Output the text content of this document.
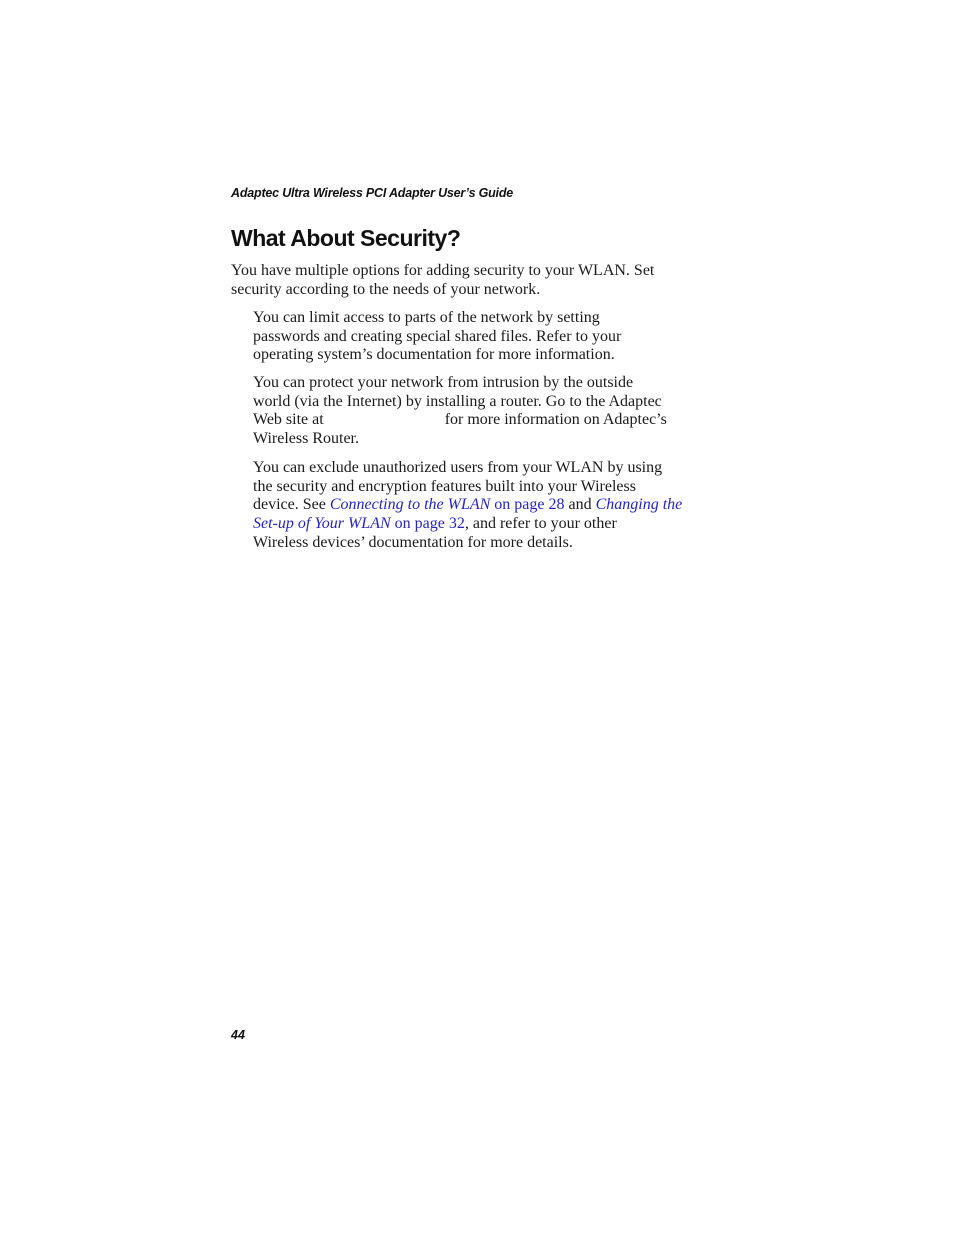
Adaptec Ultra Wireless PCI Adapter User’s Guide
What About Security?

You have multiple options for adding security to your WLAN. Set
security according to the needs of your network.

You can limit access to parts of the network by setting
passwords and creating special shared files. Refer to your
operating system’s documentation for more information.

You can protect your network from intrusion by the outside
world (via the Internet) by installing a router. Go to the Adaptec
Web site at	for more information on Adaptec’s
Wireless Router.

You can exclude unauthorized users from your WLAN by using
the security and encryption features built into your Wireless
device. See Connecting to the WLAN on page 28 and Changing the
Set-up of Your WLAN on page 32, and refer to your other
Wireless devices’ documentation for more details.

44
